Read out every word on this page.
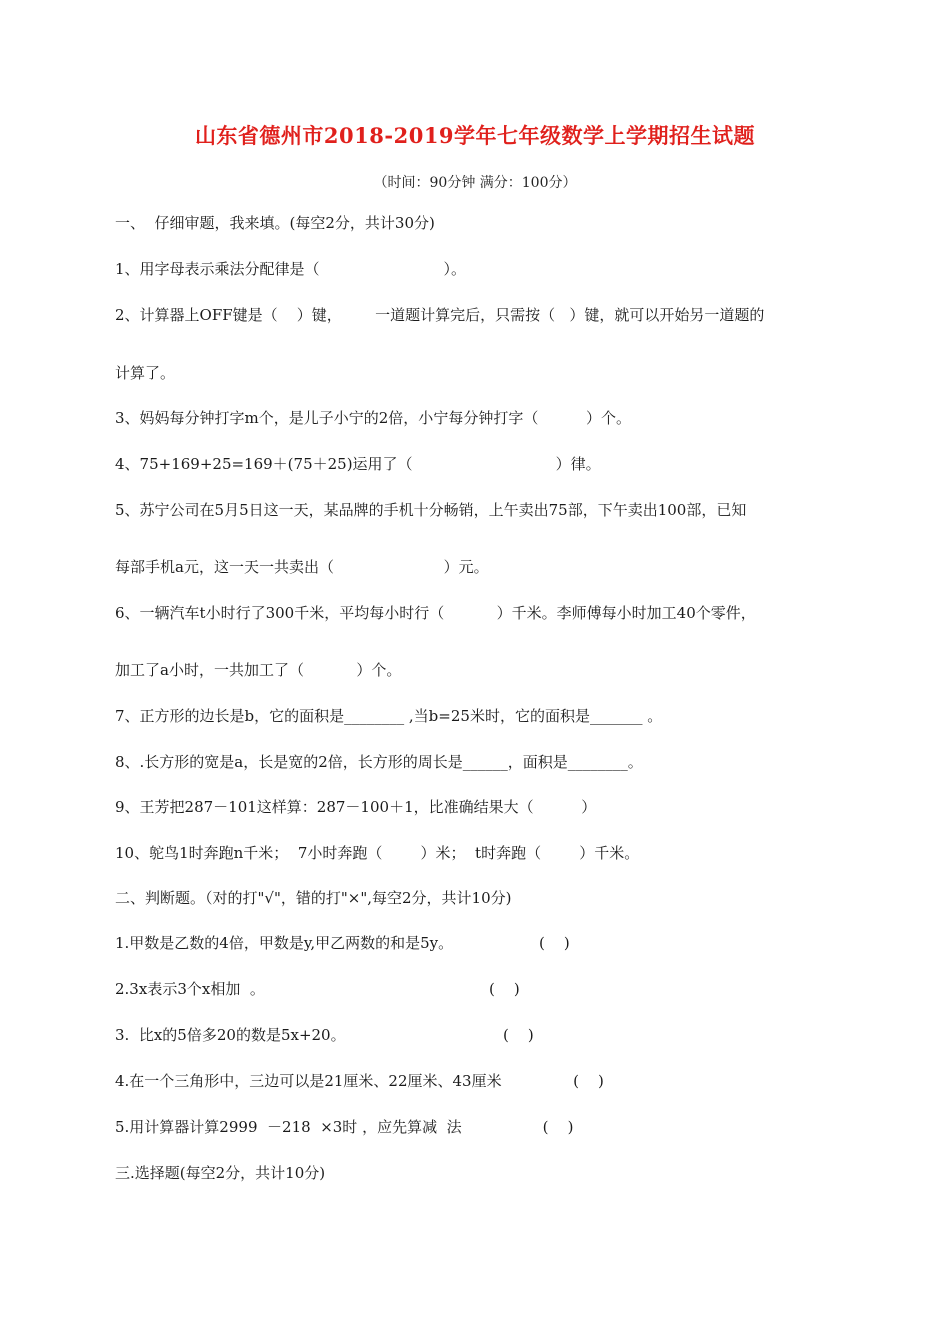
山东省德州市2018-2019学年七年级数学上学期招生试题
（时间：90分钟 满分：100分）
一、  仔细审题，我来填。(每空2分，共计30分)
1、用字母表示乘法分配律是（                          ）。
2、计算器上OFF键是（    ）键，       一道题计算完后，只需按（   ）键，就可以开始另一道题的
计算了。
3、妈妈每分钟打字m个，是儿子小宁的2倍，小宁每分钟打字（          ）个。
4、75+169+25=169＋(75＋25)运用了（                              ）律。
5、苏宁公司在5月5日这一天，某品牌的手机十分畅销，上午卖出75部，下午卖出100部，已知
每部手机a元，这一天一共卖出（                       ）元。
6、一辆汽车t小时行了300千米，平均每小时行（           ）千米。李师傅每小时加工40个零件，
加工了a小时，一共加工了（           ）个。
7、正方形的边长是b，它的面积是________ ,当b=25米时，它的面积是_______ 。
8、.长方形的宽是a，长是宽的2倍，长方形的周长是______，面积是________。
9、王芳把287－101这样算：287－100＋1，比准确结果大（          ）
10、鸵鸟1时奔跑n千米；  7小时奔跑（        ）米；  t时奔跑（        ）千米。
二、判断题。（对的打"√"，错的打"×",每空2分，共计10分)
1.甲数是乙数的4倍，甲数是y,甲乙两数的和是5y。                  (    )
2.3x表示3个x相加  。                                               (    )
3.  比x的5倍多20的数是5x+20。                                 (    )
4.在一个三角形中，三边可以是21厘米、22厘米、43厘米               (    )
5.用计算器计算2999  －218  ×3时 ，应先算减  法                 (    )
三.选择题(每空2分，共计10分)
